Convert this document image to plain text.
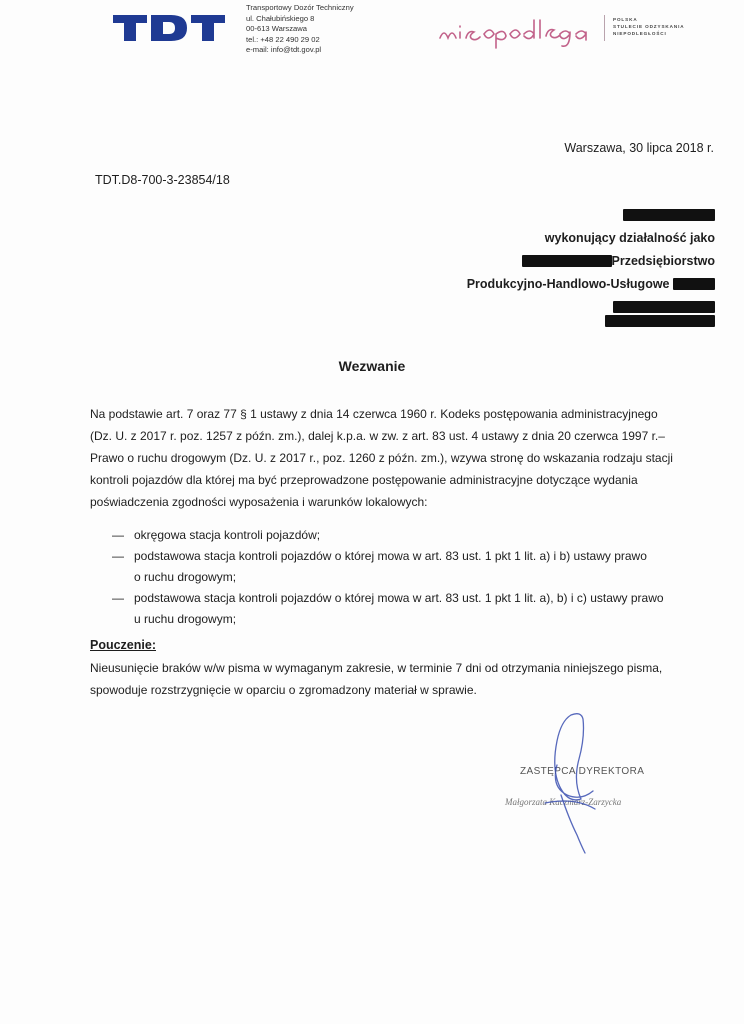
Transportowy Dozór Techniczny
ul. Chałubińskiego 8
00-613 Warszawa
tel.: +48 22 490 29 02
e-mail: info@tdt.gov.pl
POLSKA
STULECIE ODZYSKANIA
NIEPODLEGŁOŚCI
Warszawa, 30 lipca 2018 r.
TDT.D8-700-3-23854/18
wykonujący działalność jako
Przedsiębiorstwo
Produkcyjno-Handlowo-Usługowe
Wezwanie
Na podstawie art. 7 oraz 77 § 1 ustawy z dnia 14 czerwca 1960 r. Kodeks postępowania administracyjnego
(Dz. U. z 2017 r. poz. 1257 z późn. zm.), dalej k.p.a. w zw. z art. 83 ust. 4 ustawy z dnia 20 czerwca 1997 r.–
Prawo o ruchu drogowym (Dz. U. z 2017 r., poz. 1260 z późn. zm.), wzywa stronę do wskazania rodzaju stacji
kontroli pojazdów dla której ma być przeprowadzone postępowanie administracyjne dotyczące wydania
poświadczenia zgodności wyposażenia i warunków lokalowych:
— okręgowa stacja kontroli pojazdów;
— podstawowa stacja kontroli pojazdów o której mowa w art. 83 ust. 1 pkt 1 lit. a) i b) ustawy prawo
o ruchu drogowym;
— podstawowa stacja kontroli pojazdów o której mowa w art. 83 ust. 1 pkt 1 lit. a), b) i c) ustawy prawo
u ruchu drogowym;
Pouczenie:
Nieusunięcie braków w/w pisma w wymaganym zakresie, w terminie 7 dni od otrzymania niniejszego pisma,
spowoduje rozstrzygnięcie w oparciu o zgromadzony materiał w sprawie.
ZASTĘPCA DYREKTORA
Małgorzata Kaczmarz-Zarzycka
